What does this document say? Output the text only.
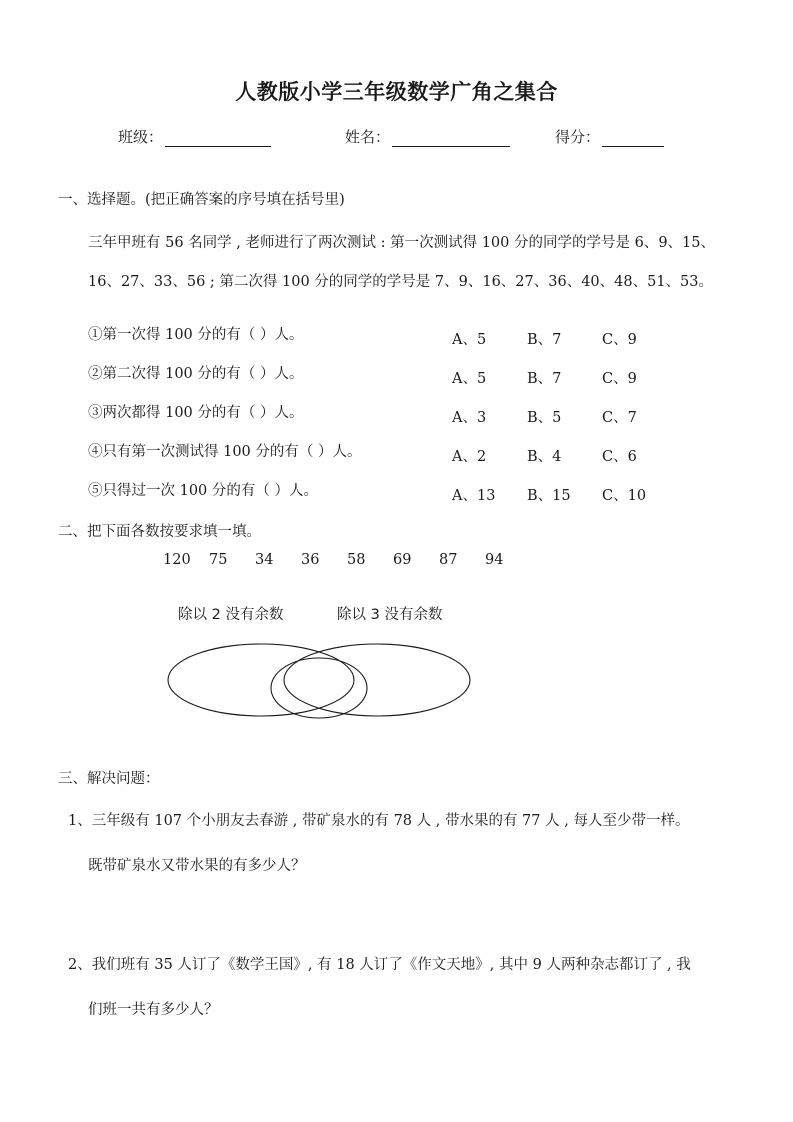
人教版小学三年级数学广角之集合
班级：	姓名：	得分：
一、选择题。(把正确答案的序号填在括号里)
三年甲班有 56 名同学 , 老师进行了两次测试 : 第一次测试得 100 分的同学的学号是 6、9、15、
16、27、33、56 ; 第二次得 100 分的同学的学号是 7、9、16、27、36、40、48、51、53。
①第一次得 100 分的有（ ）人。	A、5	B、7	C、9
②第二次得 100 分的有（ ）人。	A、5	B、7	C、9
③两次都得 100 分的有（ ）人。	A、3	B、5	C、7
④只有第一次测试得 100 分的有（ ）人。	A、2	B、4	C、6
⑤只得过一次 100 分的有（ ）人。	A、13 B、15 C、10
二、把下面各数按要求填一填。
120 75 34 36 58 69 87 94
除以 2 没有余数	除以 3 没有余数
三、解决问题：
1、三年级有 107 个小朋友去春游 , 带矿泉水的有 78 人 , 带水果的有 77 人 , 每人至少带一样。
既带矿泉水又带水果的有多少人？
2、我们班有 35 人订了《数学王国》, 有 18 人订了《作文天地》, 其中 9 人两种杂志都订了 , 我
们班一共有多少人？
